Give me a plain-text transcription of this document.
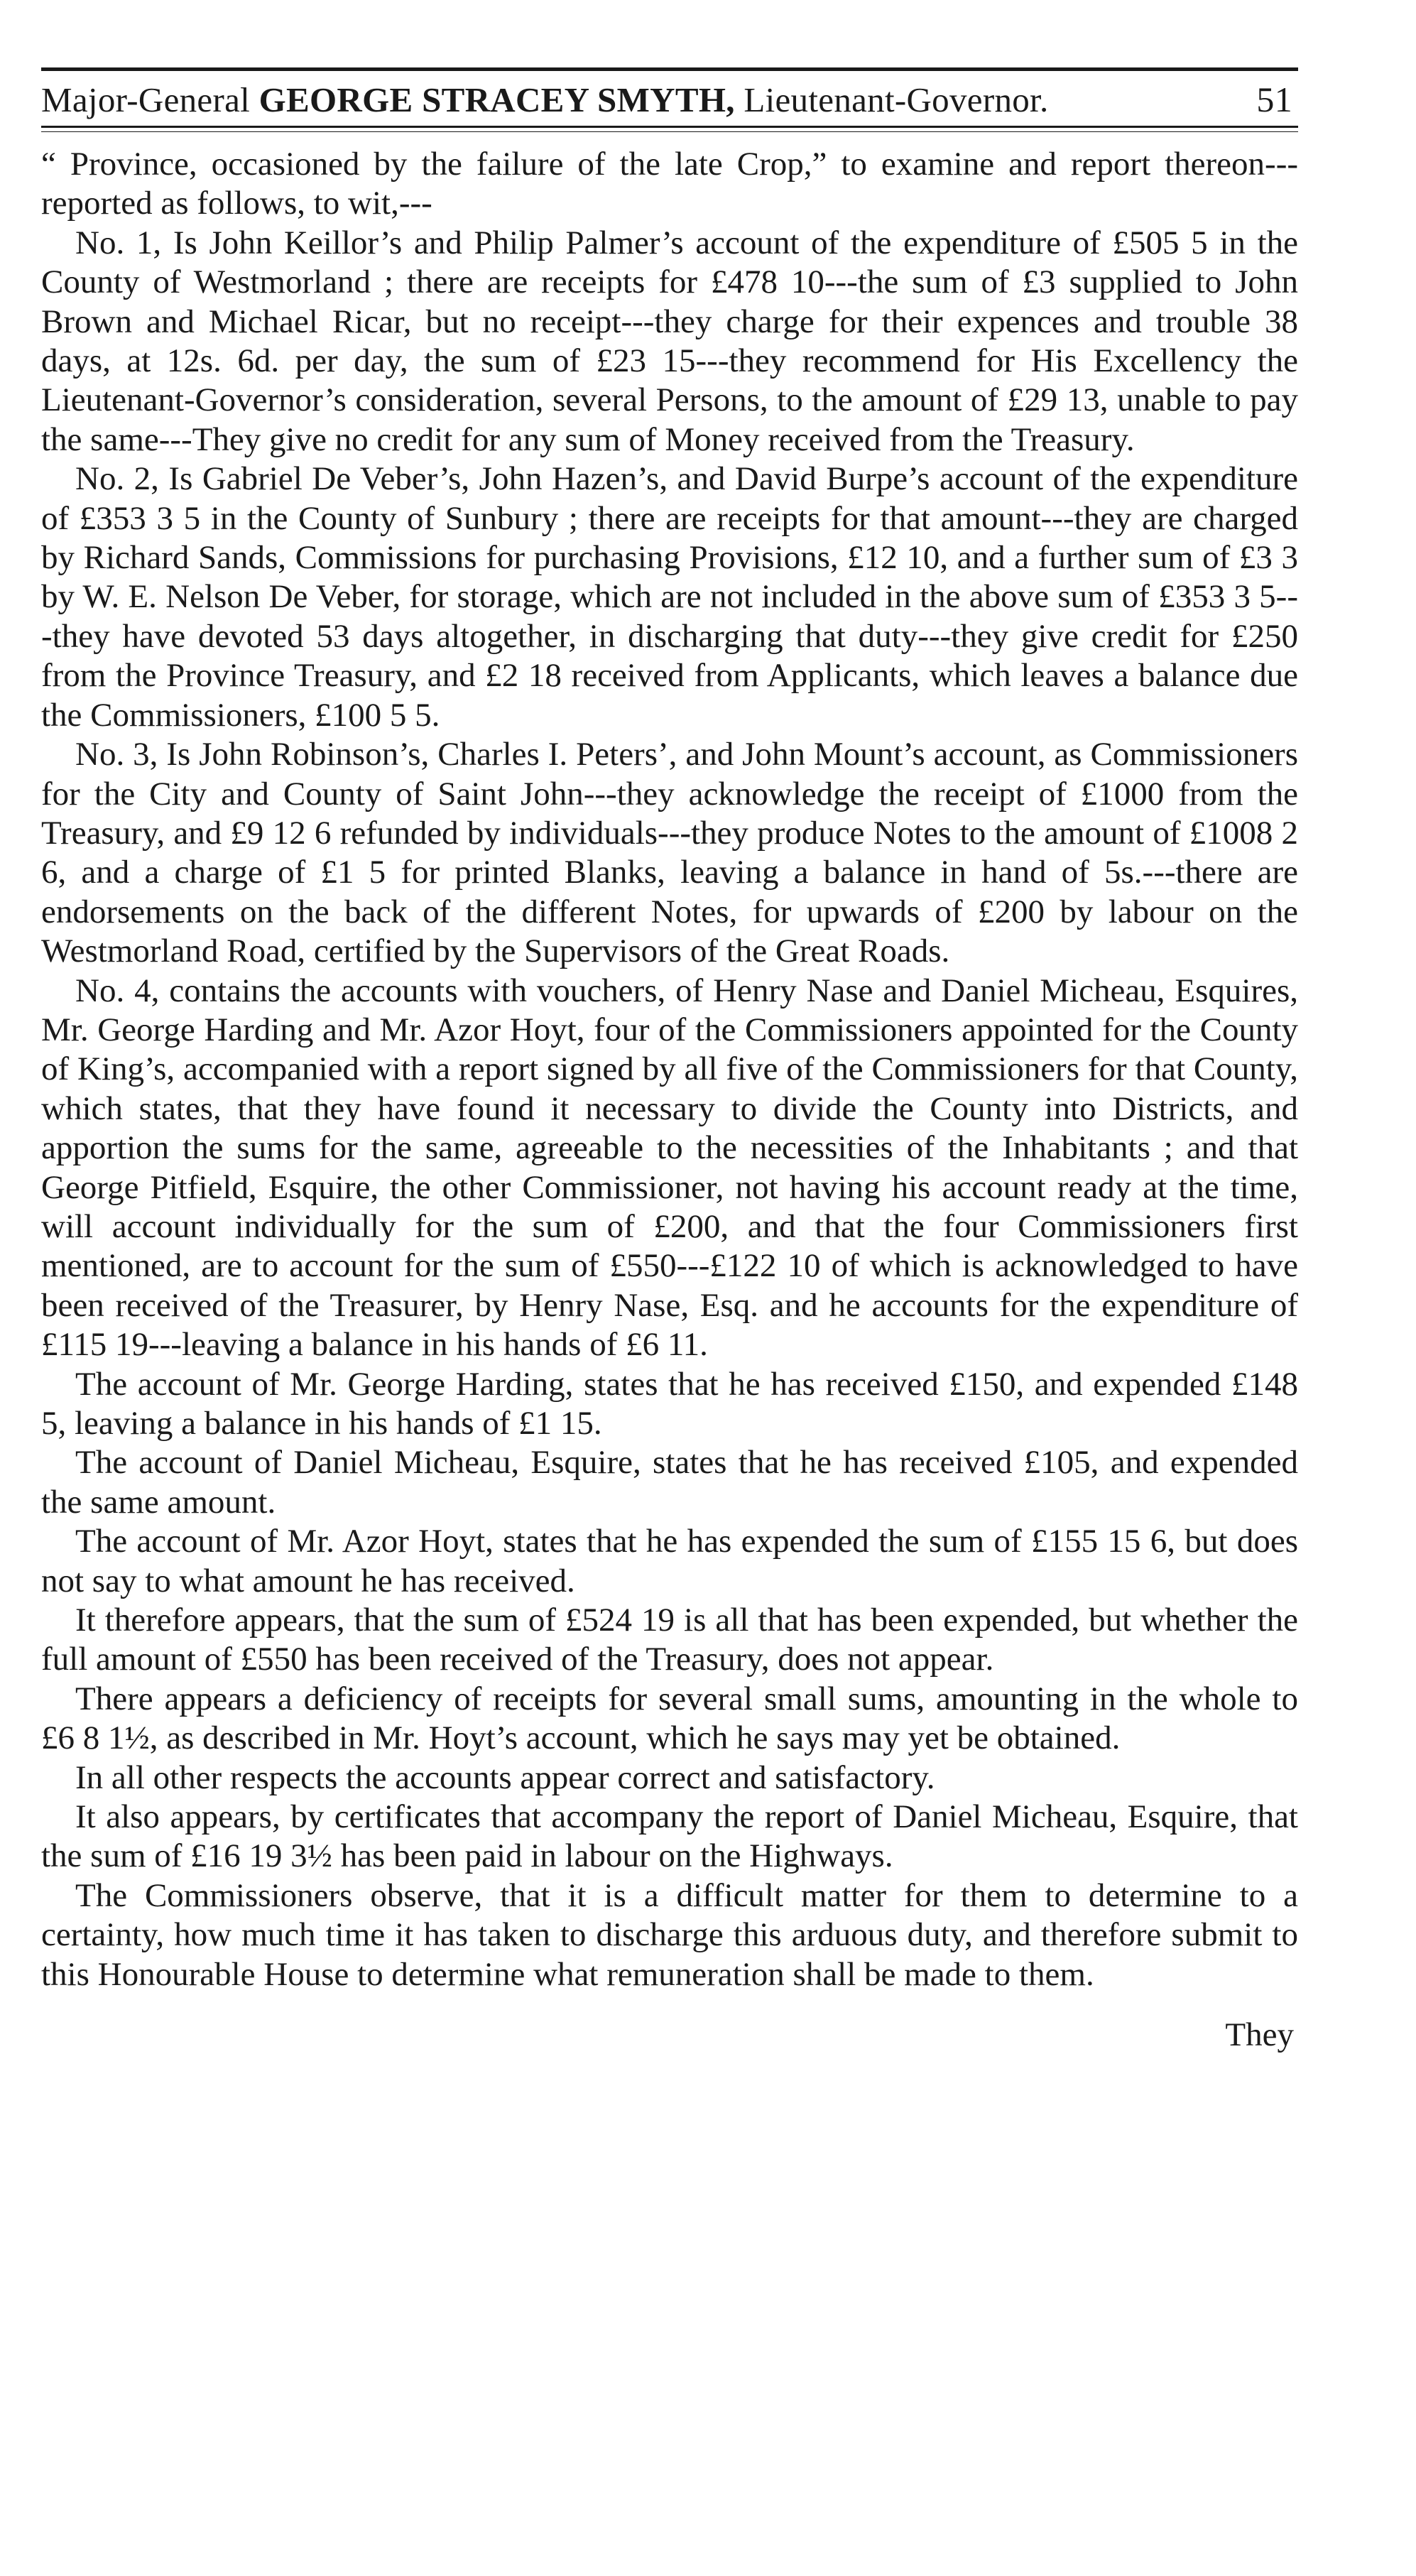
Major-General GEORGE STRACEY SMYTH, Lieutenant-Governor.	51

“ Province, occasioned by the failure of the late Crop,” to examine and report thereon---reported as follows, to wit,---

No. 1, Is John Keillor’s and Philip Palmer’s account of the expenditure of £505 5 in the County of Westmorland ; there are receipts for £478 10---the sum of £3 supplied to John Brown and Michael Ricar, but no receipt---they charge for their expences and trouble 38 days, at 12s. 6d. per day, the sum of £23 15---they recommend for His Excellency the Lieutenant-Governor’s consideration, several Persons, to the amount of £29 13, unable to pay the same---They give no credit for any sum of Money received from the Treasury.

No. 2, Is Gabriel De Veber’s, John Hazen’s, and David Burpe’s account of the expenditure of £353 3 5 in the County of Sunbury ; there are receipts for that amount---they are charged by Richard Sands, Commissions for purchasing Provisions, £12 10, and a further sum of £3 3 by W. E. Nelson De Veber, for storage, which are not included in the above sum of £353 3 5---they have devoted 53 days altogether, in discharging that duty---they give credit for £250 from the Province Treasury, and £2 18 received from Applicants, which leaves a balance due the Commissioners, £100 5 5.

No. 3, Is John Robinson’s, Charles I. Peters’, and John Mount’s account, as Commissioners for the City and County of Saint John---they acknowledge the receipt of £1000 from the Treasury, and £9 12 6 refunded by individuals---they produce Notes to the amount of £1008 2 6, and a charge of £1 5 for printed Blanks, leaving a balance in hand of 5s.---there are endorsements on the back of the different Notes, for upwards of £200 by labour on the Westmorland Road, certified by the Supervisors of the Great Roads.

No. 4, contains the accounts with vouchers, of Henry Nase and Daniel Micheau, Esquires, Mr. George Harding and Mr. Azor Hoyt, four of the Commissioners appointed for the County of King’s, accompanied with a report signed by all five of the Commissioners for that County, which states, that they have found it necessary to divide the County into Districts, and apportion the sums for the same, agreeable to the necessities of the Inhabitants ; and that George Pitfield, Esquire, the other Commissioner, not having his account ready at the time, will account individually for the sum of £200, and that the four Commissioners first mentioned, are to account for the sum of £550---£122 10 of which is acknowledged to have been received of the Treasurer, by Henry Nase, Esq. and he accounts for the expenditure of £115 19---leaving a balance in his hands of £6 11.

The account of Mr. George Harding, states that he has received £150, and expended £148 5, leaving a balance in his hands of £1 15.

The account of Daniel Micheau, Esquire, states that he has received £105, and expended the same amount.

The account of Mr. Azor Hoyt, states that he has expended the sum of £155 15 6, but does not say to what amount he has received.

It therefore appears, that the sum of £524 19 is all that has been expended, but whether the full amount of £550 has been received of the Treasury, does not appear.

There appears a deficiency of receipts for several small sums, amounting in the whole to £6 8 1½, as described in Mr. Hoyt’s account, which he says may yet be obtained.

In all other respects the accounts appear correct and satisfactory.

It also appears, by certificates that accompany the report of Daniel Micheau, Esquire, that the sum of £16 19 3½ has been paid in labour on the Highways.

The Commissioners observe, that it is a difficult matter for them to determine to a certainty, how much time it has taken to discharge this arduous duty, and therefore submit to this Honourable House to determine what remuneration shall be made to them.

They
